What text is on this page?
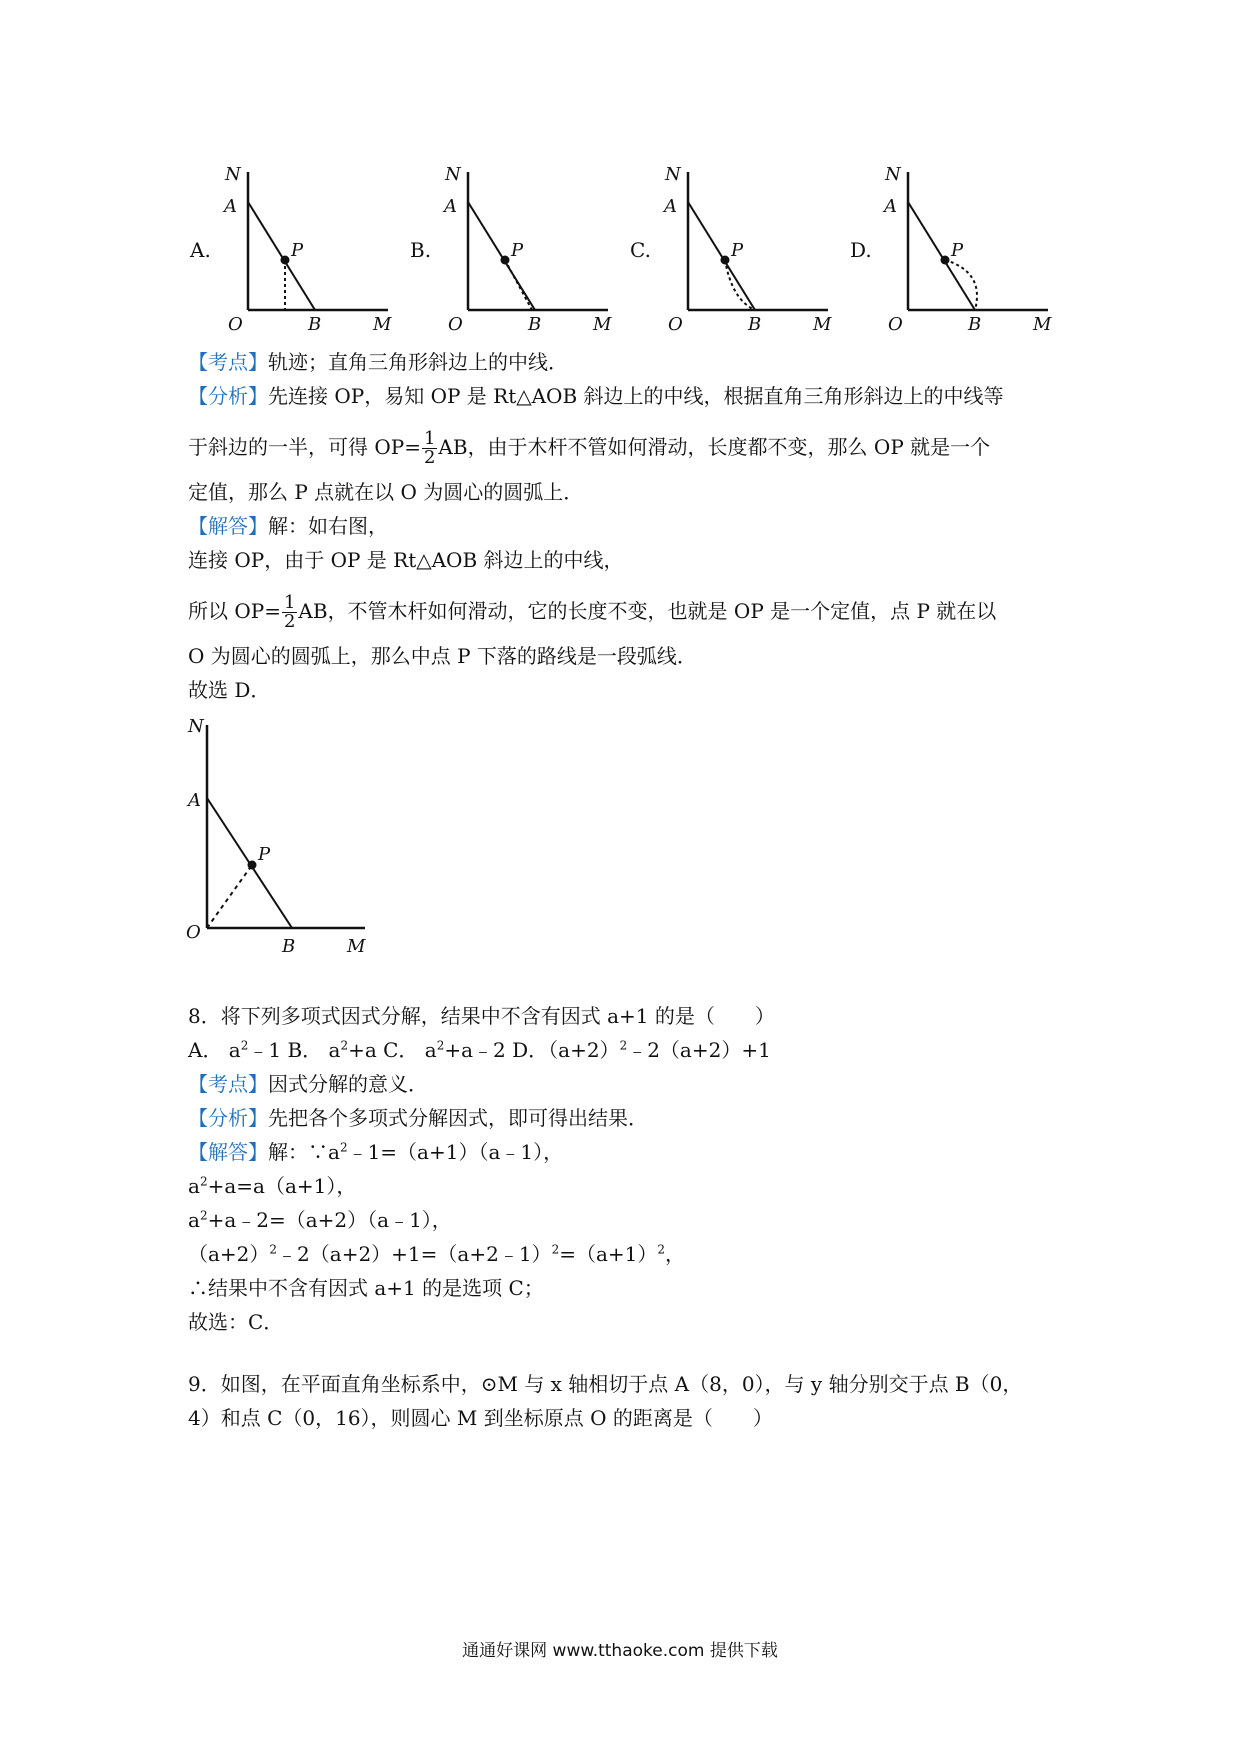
A.
N
A
P
O	B	M
B.
N
A
P
O	B	M
C.
N
A
P
O	B	M
D.
N
A
P
O	B	M
【考点】轨迹；直角三角形斜边上的中线．
【分析】先连接 OP，易知 OP 是 Rt△AOB 斜边上的中线，根据直角三角形斜边上的中线等
于斜边的一半，可得 $OP= \frac{1}{2}$ AB，由于木杆不管如何滑动，长度都不变，那么 OP 就是一个
定值，那么 P 点就在以 O 为圆心的圆弧上．
【解答】解：如右图，
连接 OP，由于 OP 是 Rt△AOB 斜边上的中线，
所以 $OP= \frac{1}{2}$ AB，不管木杆如何滑动，它的长度不变，也就是 OP 是一个定值，点 P 就在以
O 为圆心的圆弧上，那么中点 P 下落的路线是一段弧线．
故选 D．
N
A
P
O
B	M
8．将下列多项式因式分解，结果中不含有因式 a+1 的是（　　）
A． $a^2﹣1$ B． $a^2+a$ C． $a^2+a﹣2$ D．$(a+2)^2﹣2(a+2)+1$
【考点】因式分解的意义．
【分析】先把各个多项式分解因式，即可得出结果．
【解答】解：$\because a^2﹣1=(a+1)(a﹣1)$，
$a^2+a=a(a+1)$，
$a^2+a﹣2=(a+2)(a﹣1)$，
$(a+2)^2﹣2(a+2)+1=(a+2﹣1)^2=(a+1)^2$，
∴结果中不含有因式 a+1 的是选项 C；
故选：C．
9．如图，在平面直角坐标系中，⊙M 与 x 轴相切于点 A（8，0），与 y 轴分别交于点 B（0，
4）和点 C（0，16），则圆心 M 到坐标原点 O 的距离是（　　）
通通好课网 www.tthaoke.com 提供下载
